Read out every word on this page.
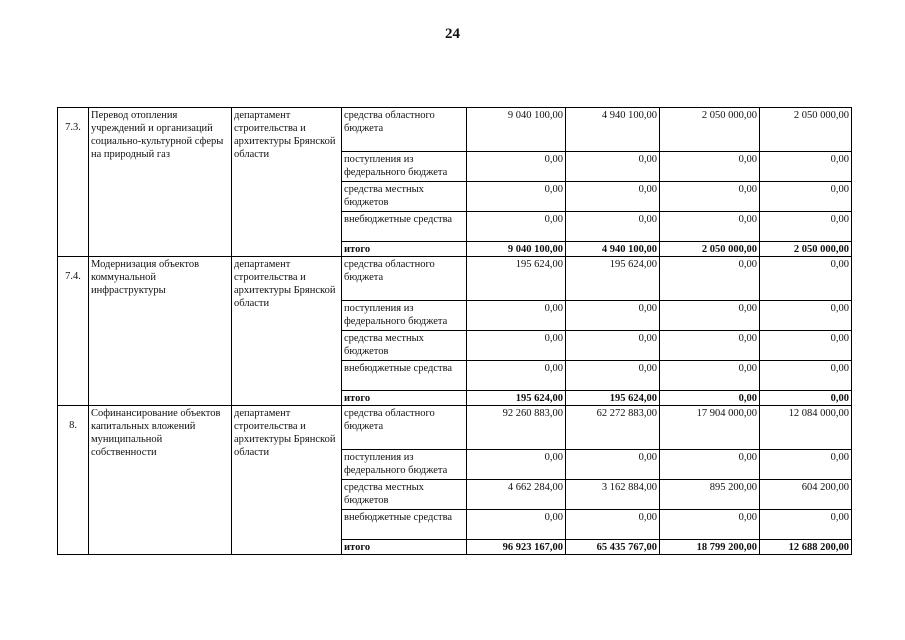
24
7.3.	Перевод отопления учреждений и организаций социально-культурной сферы на природный газ	департамент строительства и архитектуры Брянской области	средства областного бюджета	9 040 100,00	4 940 100,00	2 050 000,00	2 050 000,00
			поступления из федерального бюджета	0,00	0,00	0,00	0,00
			средства местных бюджетов	0,00	0,00	0,00	0,00
			внебюджетные средства	0,00	0,00	0,00	0,00
			итого	9 040 100,00	4 940 100,00	2 050 000,00	2 050 000,00

7.4.	Модернизация объектов коммунальной инфраструктуры	департамент строительства и архитектуры Брянской области	средства областного бюджета	195 624,00	195 624,00	0,00	0,00
			поступления из федерального бюджета	0,00	0,00	0,00	0,00
			средства местных бюджетов	0,00	0,00	0,00	0,00
			внебюджетные средства	0,00	0,00	0,00	0,00
			итого	195 624,00	195 624,00	0,00	0,00

8.	Софинансирование объектов капитальных вложений муниципальной собственности	департамент строительства и архитектуры Брянской области	средства областного бюджета	92 260 883,00	62 272 883,00	17 904 000,00	12 084 000,00
			поступления из федерального бюджета	0,00	0,00	0,00	0,00
			средства местных бюджетов	4 662 284,00	3 162 884,00	895 200,00	604 200,00
			внебюджетные средства	0,00	0,00	0,00	0,00
			итого	96 923 167,00	65 435 767,00	18 799 200,00	12 688 200,00
